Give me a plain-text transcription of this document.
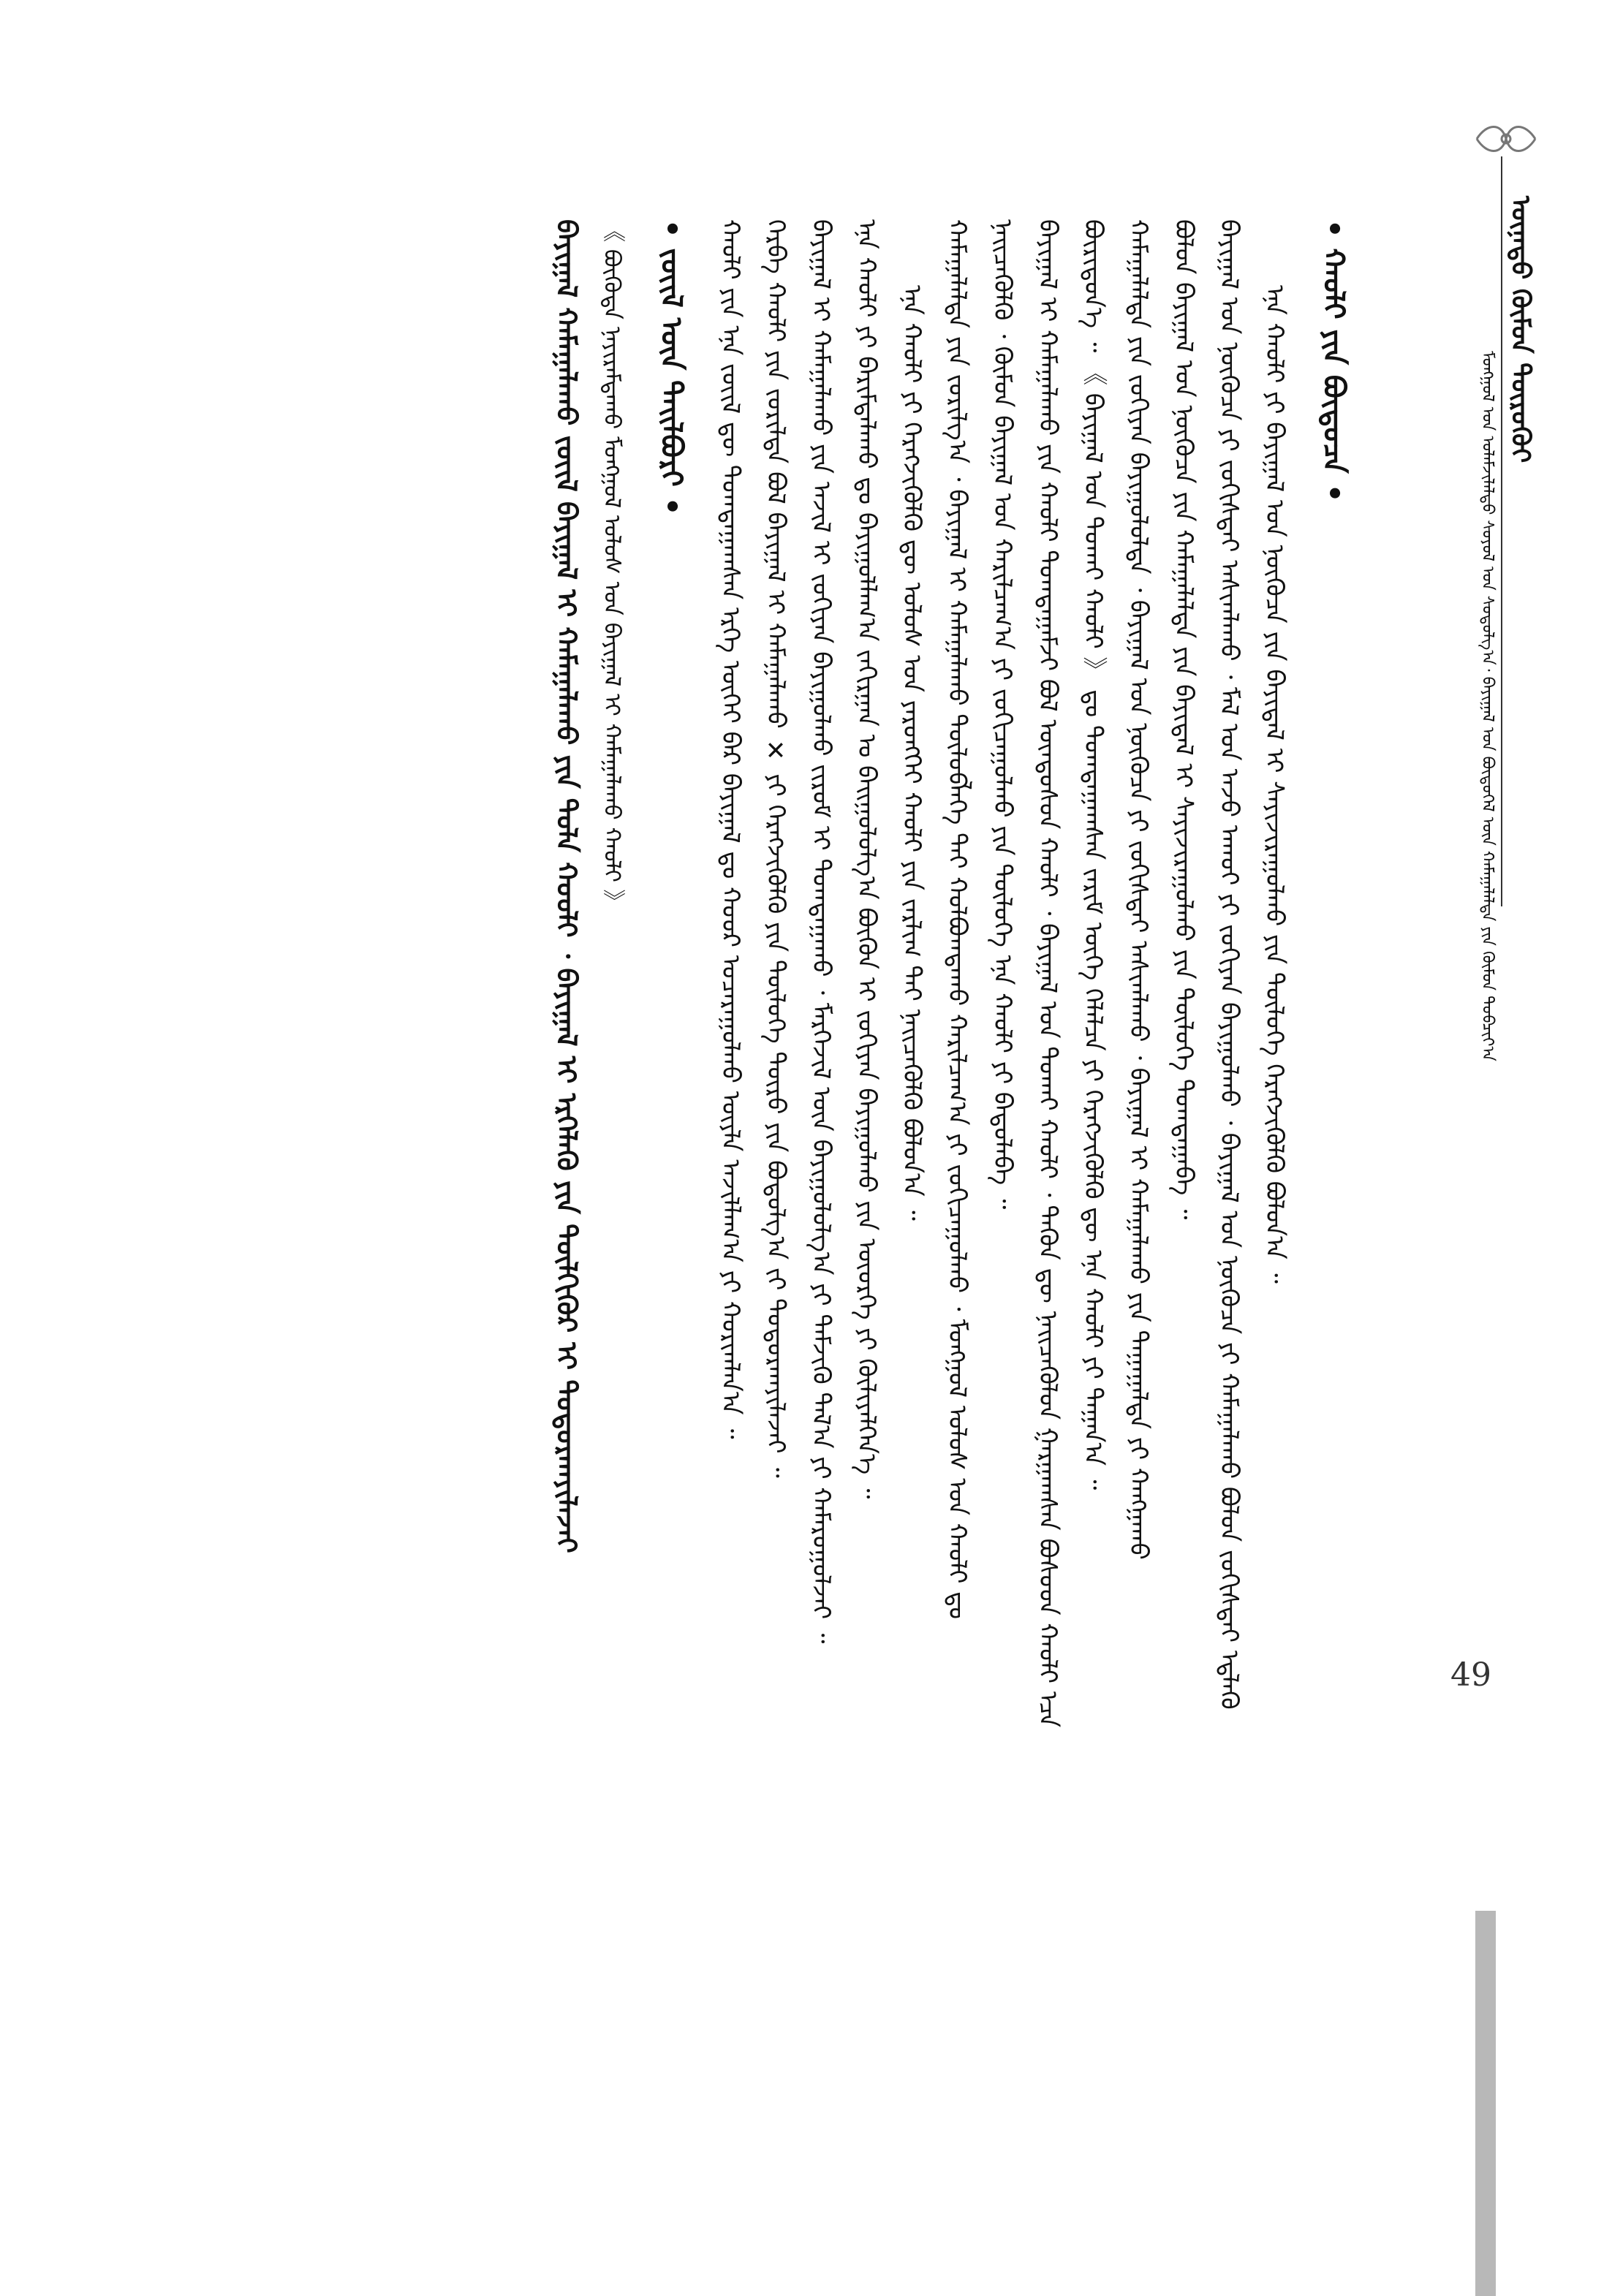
ᠦᠨᠡᠲᠦ ᠬᠦᠮᠦᠨ ᠲᠥᠷᠥᠬᠦᠢ
ᠮᠣᠩᠭᠣᠯ ᠤᠨ ᠤᠯᠠᠮᠵᠢᠯᠠᠯᠳᠤ ᠰᠤᠶᠤᠯ ᠤᠨ ᠰᠤᠳᠤᠯᠭ᠎ᠠ᠂ ᠪᠠᠶᠢᠭᠠᠯ ᠤᠨ ᠪᠦᠲᠦᠭᠡᠯ ᠦᠨ ᠬᠠᠮᠠᠭᠠᠯᠠᠯᠲᠠ ᠶᠢᠨ ᠬᠦᠮᠦᠨ ᠲᠣᠪᠴᠢᠶ᠎ᠠ
ᠪᠠᠶᠢᠭᠠᠯ ᠬᠠᠮᠠᠭᠠᠯᠠᠬᠤ ᠵᠦᠢᠯ ᠪᠠᠶᠢᠭᠠᠯ ᠢ ᠬᠠᠮᠠᠭᠠᠯᠠᠬᠤ ᠶᠢᠨ ᠳᠤᠯᠠ ᠬᠤᠤᠯᠢ ᠂ ᠪᠠᠶᠢᠭᠠᠯ ᠢ ᠡᠷᠬᠡᠯᠡᠬᠦ ᠶᠢᠨ ᠲᠦᠯᠬᠢᠭᠦᠷ ᠢ ᠲᠣᠳᠤᠷᠬᠠᠶᠢᠯᠠᠵᠠᠢ 《 ᠪᠦᠭᠦᠳᠡ ᠨᠠᠶᠢᠷᠠᠮᠳᠠᠬᠤ ᠮᠣᠩᠭᠣᠯ ᠤᠯᠤᠰ ᠤᠨ ᠪᠠᠶᠢᠭᠠᠯ ᠢ ᠬᠠᠮᠠᠭᠠᠯᠠᠬᠤ ᠬᠠᠤᠯᠢ 》	• ᠵᠦᠢᠯ ᠦᠨ ᠲᠠᠢᠯᠪᠤᠷᠢ •	ᠬᠠᠤᠯᠢ ᠶᠢᠨ ᠡᠨᠡ ᠵᠦᠢᠯ ᠳᠦ ᠲᠣᠭᠲᠠᠭᠠᠭᠰᠠᠨ ᠡᠷᠬᠡ ᠦᠭᠡᠢ ᠪᠠᠷ ᠪᠠᠶᠢᠭᠠᠯ ᠳᠤ ᠬᠣᠣᠷ ᠤᠴᠠᠷᠠᠭᠤᠯᠬᠤ ᠦᠶᠯᠡ ᠠᠵᠢᠯᠯᠠᠭ᠎ᠠ ᠶᠢ ᠬᠣᠷᠢᠭᠯᠠᠨ᠎ᠠ ᠃ ᠬᠡᠷᠪᠡ ᠬᠠᠤᠯᠢ ᠶᠢᠨ ᠵᠣᠷᠢᠯᠲᠠ ᠪᠣᠯ ᠪᠠᠶᠢᠭᠠᠯ ᠢ ᠬᠠᠮᠠᠭᠠᠯᠠᠬᠤ ✕ ᠶᠢ ᠬᠡᠷᠡᠭᠵᠢᠭᠦᠯᠬᠦ ᠶᠢᠨ ᠲᠥᠯᠥᠭᠡ ᠲᠥᠷᠥ ᠶᠢᠨ ᠪᠣᠳᠣᠯᠭ᠎ᠠ ᠵᠢ ᠲᠣᠳᠤᠷᠬᠠᠶᠢᠯᠠᠵᠠᠢ ᠃ ᠪᠠᠶᠢᠭᠠᠯ ᠢ ᠬᠠᠮᠠᠭᠠᠯᠠᠬᠤ ᠶᠢᠨ ᠠᠵᠢᠯ ᠢ ᠵᠣᠬᠢᠶᠠᠨ ᠪᠠᠶᠢᠭᠤᠯᠬᠤ ᠵᠢᠷᠤᠮ ᠢ ᠲᠣᠭᠲᠠᠭᠠᠬᠤ ᠂ ᠮᠡᠷᠭᠡᠵᠢᠯ ᠦᠨ ᠪᠠᠶᠢᠭᠤᠯᠤᠯᠭ᠎ᠠ ᠶᠢ ᠳᠡᠮᠵᠢᠬᠦ ᠲᠠᠯ᠎ᠠ ᠶᠢ ᠬᠠᠮᠠᠷᠤᠭᠤᠯᠵᠠᠢ ᠃ ᠡᠨᠡ ᠬᠠᠤᠯᠢ ᠶᠢ ᠪᠠᠷᠢᠮᠲᠠᠯᠠᠬᠤ ᠳᠤ ᠪᠠᠶᠢᠭᠤᠯᠯᠠᠭ᠎ᠠ ᠵᠠᠬᠢᠷᠭᠠᠨ ᠤ ᠪᠠᠢᠭᠤᠯᠤᠯᠭ᠎ᠠ ᠪᠦᠬᠦᠨ ᠢ ᠵᠣᠬᠢᠶᠠᠨ ᠪᠠᠶᠢᠭᠤᠯᠬᠤ ᠶᠢᠨ ᠦᠦᠷᠭᠡ ᠶᠢ ᠬᠦᠯᠢᠶᠡᠯᠭᠡᠨ᠎ᠡ ᠃ ᠡᠨᠡ ᠬᠠᠤᠯᠢ ᠶᠢ ᠬᠡᠷᠡᠭᠵᠢᠭᠦᠯᠬᠦ ᠳᠦ ᠤᠯᠤᠰ ᠤᠨ ᠶᠡᠷᠦᠩᠬᠡᠢ ᠬᠠᠤᠯᠢ ᠶᠢᠨ ᠵᠠᠷᠯᠢᠭ ᠲᠠᠢ ᠨᠡᠢᠴᠡᠭᠦᠯᠬᠦ ᠪᠣᠯᠤᠨ᠎ᠠ ᠃ ᠬᠠᠮᠠᠭᠠᠯᠠᠯᠲᠠ ᠶᠢᠨ ᠵᠣᠷᠢᠯᠭ᠎ᠠ ᠂ ᠪᠠᠶᠢᠭᠠᠯ ᠢ ᠬᠠᠮᠠᠭᠠᠯᠠᠬᠤ ᠲᠥᠯᠥᠪᠯᠡᠭᠡ ᠲᠠᠢ ᠬᠣᠯᠪᠣᠭᠳᠠᠬᠤ ᠬᠠᠷᠢᠯᠴᠠᠭ᠎ᠠ ᠶᠢ ᠵᠣᠬᠢᠴᠠᠭᠤᠯᠬᠤ ᠂ ᠮᠣᠩᠭᠣᠯ ᠤᠯᠤᠰ ᠤᠨ ᠬᠠᠤᠯᠢ ᠳᠤ ᠨᠡᠢᠴᠡᠭᠦᠯᠬᠦ ᠂ ᠬᠦᠮᠦᠨ ᠪᠠᠶᠢᠭᠠᠯ ᠤᠨ ᠬᠠᠷᠢᠯᠴᠠᠭ᠎ᠠ ᠶᠢ ᠵᠣᠬᠢᠴᠠᠭᠤᠯᠬᠤ ᠶᠢᠨ ᠲᠥᠯᠥᠭᠡ ᠡᠨᠡ ᠬᠠᠤᠯᠢ ᠶᠢ ᠪᠠᠲᠤᠯᠠᠪᠠ ᠃ ᠪᠠᠶᠢᠭᠠᠯ ᠢ ᠬᠠᠮᠠᠭᠠᠯᠠᠬᠤ ᠶᠢᠨ ᠬᠠᠤᠯᠢ ᠲᠣᠭᠲᠠᠭᠠᠮᠵᠢ ᠪᠣᠯ ᠦᠨᠳᠦᠰᠦᠨ ᠬᠠᠤᠯᠢ ᠂ ᠪᠠᠶᠢᠭᠠᠯ ᠤᠨ ᠲᠤᠬᠠᠢ ᠬᠠᠤᠯᠢ ᠂ ᠲᠡᠭᠦᠨ ᠳᠦ ᠨᠡᠢᠴᠡᠭᠦᠯᠦᠨ ᠭᠠᠷᠭᠠᠭᠰᠠᠨ ᠪᠤᠰᠤᠳ ᠬᠠᠤᠯᠢ ᠡᠴᠡ ᠪᠦᠷᠢᠳᠦᠨ᠎ᠡ ᠃ 《 ᠪᠠᠶᠢᠭᠠᠯ ᠤᠨ ᠲᠤᠬᠠᠢ ᠬᠠᠤᠯᠢ 》 ᠳᠤ ᠲᠣᠭᠲᠠᠭᠠᠭᠰᠠᠨ ᠵᠠᠷᠢᠮ ᠦᠭᠡ ᠬᠡᠯᠡᠯᠴᠡ ᠶᠢ ᠬᠡᠷᠡᠭᠵᠢᠭᠦᠯᠬᠦ ᠳᠦ ᠡᠨᠡ ᠬᠠᠤᠯᠢ ᠶᠢ ᠳᠠᠭᠠᠨ᠎ᠠ ᠃ ᠬᠠᠮᠠᠭᠠᠯᠠᠯᠲᠠ ᠶᠢᠨ ᠵᠣᠬᠢᠶᠠᠨ ᠪᠠᠶᠢᠭᠤᠯᠤᠯᠲᠠ ᠂ ᠪᠠᠶᠢᠭᠠᠯ ᠤᠨ ᠨᠦᠭᠦᠴᠡ ᠶᠢ ᠵᠣᠬᠢᠰᠲᠠᠢ ᠠᠰᠢᠭᠯᠠᠬᠤ ᠂ ᠪᠠᠶᠢᠭᠠᠯ ᠢ ᠬᠠᠮᠠᠭᠠᠯᠠᠬᠤ ᠶᠢᠨ ᠳᠠᠭᠠᠭᠠᠯᠲᠠ ᠶᠢ ᠬᠠᠩᠭᠠᠬᠤ ᠪᠣᠯᠤᠨ ᠪᠠᠶᠢᠭᠠᠯ ᠤᠨ ᠨᠦᠭᠦᠴᠡ ᠶᠢᠨ ᠬᠠᠮᠠᠭᠠᠯᠠᠯᠲᠠ ᠶᠢᠨ ᠪᠠᠶᠢᠳᠠᠯ ᠢ ᠰᠠᠶᠢᠵᠢᠷᠠᠭᠤᠯᠬᠤ ᠶᠢᠨ ᠲᠥᠯᠥᠭᠡ ᠲᠣᠭᠲᠠᠭᠠᠪᠠ ᠃ ᠪᠠᠶᠢᠭᠠᠯ ᠤᠨ ᠨᠦᠭᠦᠴᠡ ᠶᠢ ᠵᠣᠬᠢᠰᠲᠠᠢ ᠠᠰᠢᠭᠯᠠᠬᠤ ᠂ ᠮᠠᠯ ᠤᠨ ᠠᠵᠤ ᠠᠬᠤᠢ ᠶᠢ ᠵᠣᠬᠢᠶᠠᠨ ᠪᠠᠶᠢᠭᠤᠯᠬᠤ ᠂ ᠪᠠᠶᠢᠭᠠᠯ ᠤᠨ ᠨᠦᠭᠦᠴᠡ ᠶᠢ ᠬᠠᠮᠠᠭᠠᠯᠠᠬᠤ ᠪᠣᠯᠤᠨ ᠵᠣᠬᠢᠰᠲᠠᠢ ᠡᠳ᠋ᠯᠡᠬᠦ ᠡᠨᠡ ᠬᠠᠤᠯᠢ ᠶᠢ ᠪᠠᠶᠢᠭᠠᠯ ᠤᠨ ᠨᠦᠭᠦᠴᠡ ᠶᠢᠨ ᠪᠠᠶᠢᠳᠠᠯ ᠢ ᠰᠠᠶᠢᠵᠢᠷᠠᠭᠤᠯᠬᠤ ᠶᠢᠨ ᠲᠥᠯᠥᠭᠡ ᠬᠡᠷᠡᠭᠵᠢᠭᠦᠯᠬᠦ ᠪᠣᠯᠤᠨ᠎ᠠ ᠃ • ᠬᠠᠤᠯᠢ ᠶᠢᠨ ᠪᠦᠲᠦᠴᠡ •
49
